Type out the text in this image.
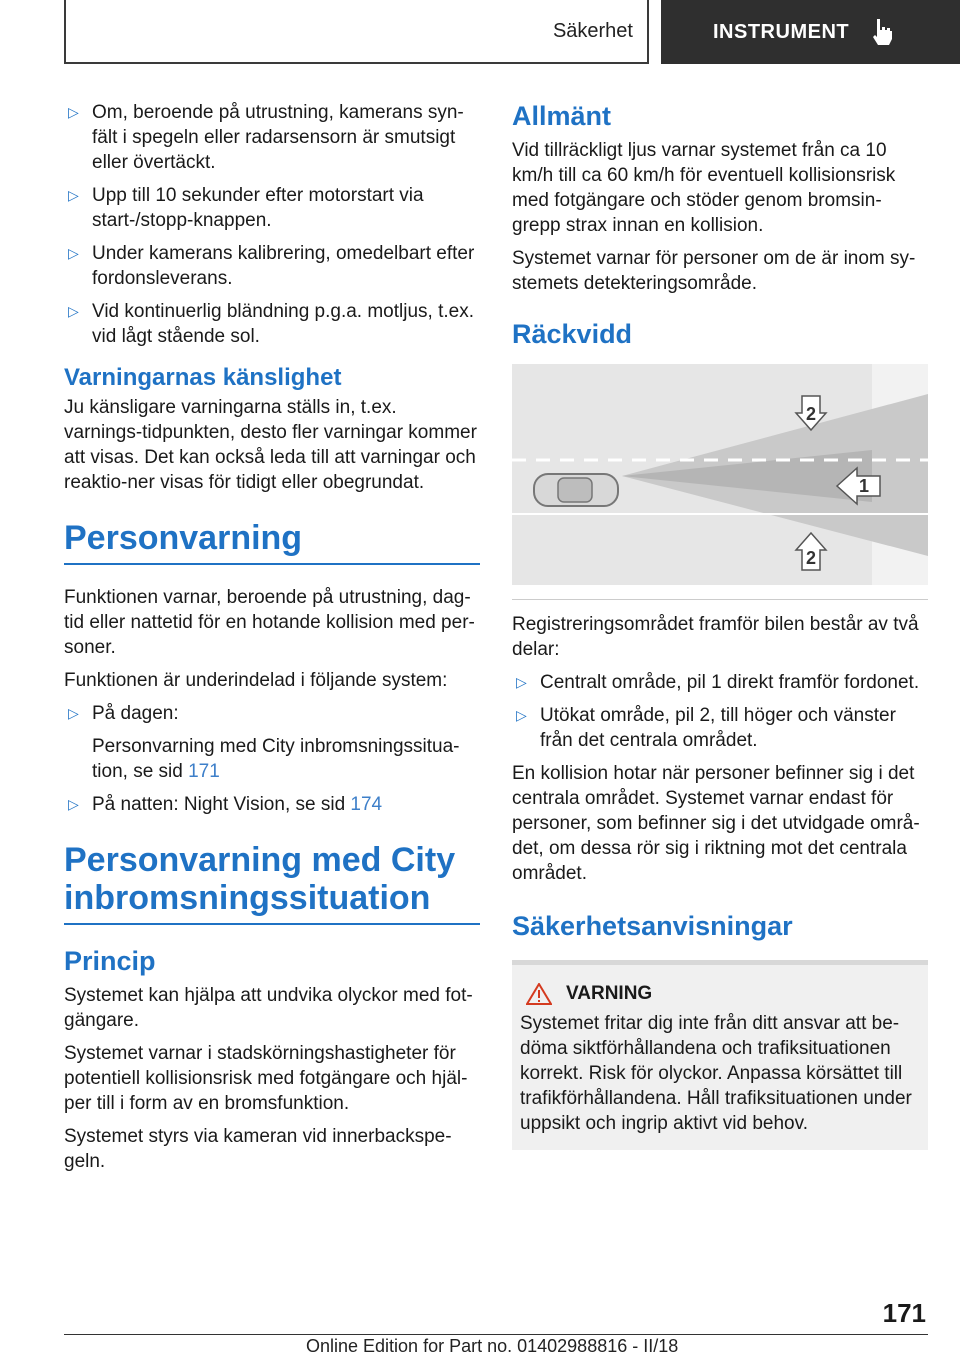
Säkerhet	INSTRUMENT
▷ Om, beroende på utrustning, kamerans syn-fält i spegeln eller radarsensorn är smutsigt eller övertäckt.
▷ Upp till 10 sekunder efter motorstart via start-/stopp-knappen.
▷ Under kamerans kalibrering, omedelbart efter fordonsleverans.
▷ Vid kontinuerlig bländning p.g.a. motljus, t.ex. vid lågt stående sol.
Varningarnas känslighet

Ju känsligare varningarna ställs in, t.ex. varnings-tidpunkten, desto fler varningar kommer att visas. Det kan också leda till att varningar och reaktio-ner visas för tidigt eller obegrundat.

Personvarning

Funktionen varnar, beroende på utrustning, dag-tid eller nattetid för en hotande kollision med per-soner.

Funktionen är underindelad i följande system:

▷ På dagen:

Personvarning med City inbromsningssitua-tion, se sid 171

▷ På natten: Night Vision, se sid 174
Personvarning med City
inbromsningssituation
Princip

Systemet kan hjälpa att undvika olyckor med fot-gängare.

Systemet varnar i stadskörningshastigheter för potentiell kollisionsrisk med fotgängare och hjäl-per till i form av en bromsfunktion.

Systemet styrs via kameran vid innerbackspe-geln.

Allmänt

Vid tillräckligt ljus varnar systemet från ca 10 km/h till ca 60 km/h för eventuell kollisionsrisk med fotgängare och stöder genom bromsin-grepp strax innan en kollision.

Systemet varnar för personer om de är inom sy-stemets detekteringsområde.

Räckvidd
2
1
2

Registreringsområdet framför bilen består av två delar:

▷ Centralt område, pil 1 direkt framför fordonet.
▷ Utökat område, pil 2, till höger och vänster från det centrala området.

En kollision hotar när personer befinner sig i det centrala området. Systemet varnar endast för personer, som befinner sig i det utvidgade områ-det, om dessa rör sig i riktning mot det centrala området.

Säkerhetsanvisningar
VARNING

Systemet fritar dig inte från ditt ansvar att be-döma siktförhållandena och trafiksituationen korrekt. Risk för olyckor. Anpassa körsättet till trafikförhållandena. Håll trafiksituationen under uppsikt och ingrip aktivt vid behov.

171
Online Edition for Part no. 01402988816 - II/18
